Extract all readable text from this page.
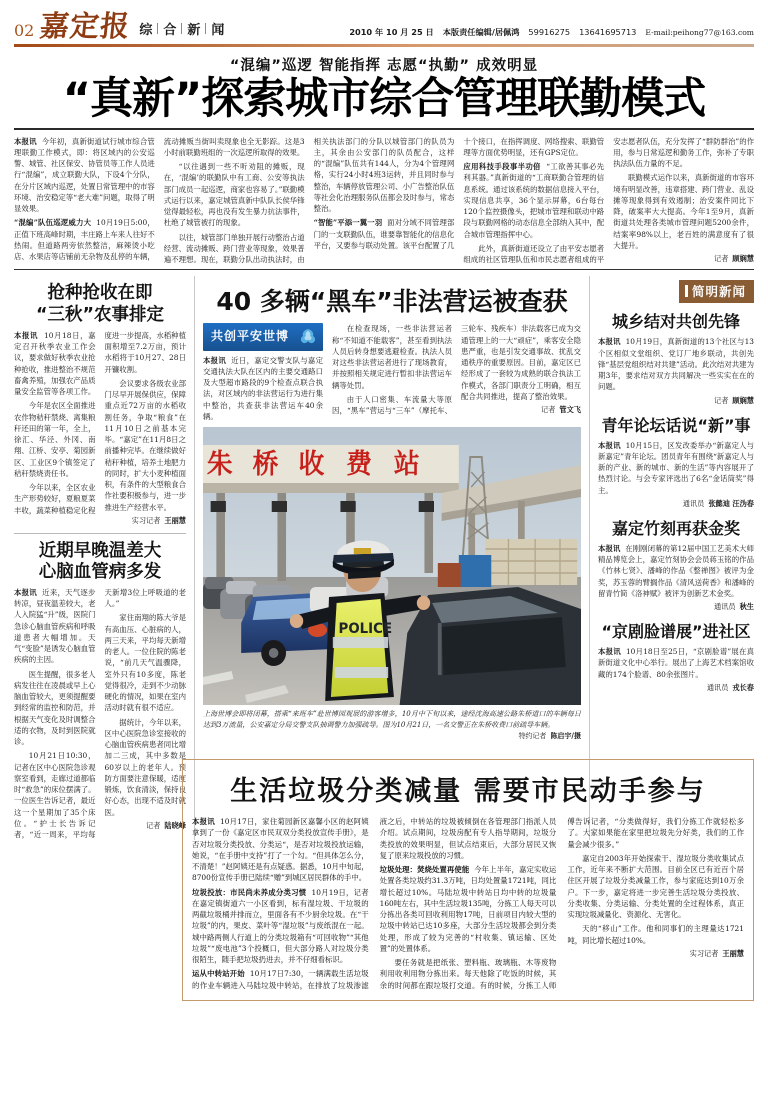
02 嘉定报 综 合 新 闻	2010 年 10 月 25 日 本版责任编辑/居佩鸿 59916275 13641695713 E-mail:peihong77@163.com
“混编”巡逻 智能指挥 志愿“执勤” 成效明显
“真新”探索城市综合管理联勤模式

本报讯 今年初，真新街道试行城市综合管理联勤工作模式，即：将区域内的公安巡警、城管、社区保安、协管员等工作人员进行“混编”，成立联勤大队，下设4个分队，在分片区域内巡逻，处置日常管理中的市容环境、治安稳定等“老大难”问题，取得了明显效果。

“混编”队伍巡逻威力大 10月19日5:00，正值下班高峰时期，丰庄路上车来人往好不热闹。但道路两旁依然整洁，麻辣烫小吃店、水果店等店铺前无杂物及乱停的车辆，流动摊贩当街叫卖现象也全无影踪。这是3小时前联勤班组的一次巡逻所取得的效果。

“以往遇到一些不听劝阻的摊贩，现在，‘混编’的联勤队中有工商、公安等执法部门成员一起巡逻，商家也容易了。”联勤模式运行以来，嘉定城管真新中队队长侯华锋觉得最轻松，再也没有发生暴力抗法事件，杜绝了城管被打的现象。

以往，城管部门单独开展行动整治占道经营、流动摊贩、跨门营业等现象，效果普遍不理想。现在，联勤分队出动执法时，由相关执法部门的分队以城管部门的队员为主，其余由公安部门的队员配合，这样的“混编”队伍共有144人，分为4个管理网格，实行24小时4班3运转，并且同时参与整治，车辆停放管理公司、小广告整治队伍等社会化治理服务队伍都会及时参与，常态整治。

“智能”平添一翼一羽 面对分域不同管理部门的一支联勤队伍，谁要靠智能化的信息化平台，又要参与联动处置。该平台配置了几十个接口，在指挥调度、网络搜索、联勤管理等方面优势明显，还有GPS定位。

应用科技手段事半功倍 “工欲善其事必先利其器。”真新街道的“工商联勤合管理的信息系统。通过该系统的数据信息接入平台，实现信息共享，36个显示屏幕，6台每台120个监控摄像头，把城市管理和联动中路段与联勤网格的动态信息全部纳入其中，配合城市管理指挥中心。

此外，真新街道还设立了由平安志愿者组成的社区管理队伍和市民志愿者组成的平安志愿者队伍，充分发挥了“群防群治”的作用，参与日常巡逻和勤务工作，弥补了专职执法队伍力量的不足。

联勤模式运作以来，真新街道的市容环境有明显改善，违章搭建、跨门营业、乱设摊等现象得到有效遏制；治安案件同比下降，破案率大大提高。今年1至9月，真新街道共处理各类城市管理问题5200余件，结案率98%以上，老百姓的满意度有了很大提升。

记者 顾娴慧
抢种抢收在即
“三秋”农事排定

本报讯 10月18日，嘉定召开秋季农业工作会议，要求做好秋季农业抢种抢收，推进整治不规范畜禽养殖，加强农产品质量安全监管等各项工作。

今年是农区全面推进农作物秸秆禁烧、离集粮秆还田的第一年，全上，徐汇、华泾、外冈、南翔、江桥、安亭、菊园新区、工业区9个镇签定了秸秆禁烧责任书。

今年以来，全区农业生产形势较好，夏粮夏菜丰收，蔬菜种植稳定化程度进一步提高，水稻种植面积增至7.2万亩，预计水稻将于10月27、28日开镰收割。

会议要求各级农业部门尽早开展保供应，保障重点近72万亩的水稻收割任务，争取“粮食”在11月10日之前基本完毕。“嘉定”在11月8日之前播种完毕。在继续做好秸秆种植，培养土地肥力的同时，扩大小麦种植面积，有条件的大型粮食合作社要积极参与，进一步推进生产经营水平。

实习记者 王丽慧
近期早晚温差大
心脑血管病多发

本报讯 近来，天气逐步转凉，昼夜温差较大，老人入院猛“升”级，医院门急诊心脑血管疾病和呼吸道患者大幅增加。天气“变脸”是诱发心脑血管疾病的主因。

医生提醒，很多老人病发往往在凌晨或早上心脑血管较大，更须提醒要到经常的监控和防范，并根据天气变化及时调整合适的衣物，及时到医院就诊。

10月21日10:30，记者在区中心医院急诊观察室看到，走廊过道都临时“救急”的床位摆满了。一位医生告诉记者，最近这一个星期加了35个床位。“护士长告诉记者，“近一周来，平均每天新增3位上呼吸道的老人。”

家住南翔的陈大爷是有高血压、心脏病的人，两三天来，平均每天新增的老人。一位住院的陈老说，“前几天气温骤降，室外只有10多度，陈老觉得很冷，走到不少动脉硬化的情况，如果在室内活动时就有很不适应。

据统计，今年以来，区中心医院急诊室接收的心脑血管疾病患者同比增加二三成，其中多数是60岁以上的老年人。预防方面要注意保暖，适度锻炼，饮食清淡，保持良好心态，出现不适及时就医。

记者 陆晓峰
40 多辆“黑车”非法营运被查获
共创平安世博

本报讯 近日，嘉定交警支队与嘉定交通执法大队在区内的主要交通路口及大型超市路段的9个检查点联合执法，对区域内的非法营运行为进行集中整治，共查获非法营运车40余辆。

在检查现场，一些非法营运者称“不知道不能载客”，甚至看到执法人员后转身想要逃避检查。执法人员对这些非法营运者进行了现场教育，并按照相关规定进行暂扣非法营运车辆等处罚。

由于人口密集、车流量大等原因，“黑车”营运与“三车”（摩托车、三轮车、残疾车）非法载客已成为交通管理上的一大“顽症”，乘客安全隐患严重，也是引发交通事故、扰乱交通秩序的重要原因。目前，嘉定区已经形成了一套较为成熟的联合执法工作模式，各部门职责分工明确，相互配合共同推进，提高了整治效果。

记者 管文飞
朱 桥 收 费 站
POLICE
上海世博会即将闭幕，搭乘“来班车”赴世博园观展的游客增多，10月中下旬以来，途经沈海高速公路朱桥道口的车辆每日达到3万流量，公安嘉定分局交警支队抽调警力加强疏导。图为10月21日，一名交警正在朱桥收费口前疏导车辆。
特约记者 陈启宇/摄
简明新闻
城乡结对共创先锋

本报讯 10月19日，真新街道的13个社区与13个区相似文堂组织、党订厂地乡联动，共创先锋“基层党组织结对共建”活动。此次结对共建为期3年，要求结对双方共同解决一些实实在在的问题。

记者 顾娴慧
青年论坛话说“新”事

本报讯 10月15日，区发改委举办“新嘉定人与新嘉定”青年论坛。团员青年有围绕“新嘉定人与新的产业、新的城市、新的生活”等内容展开了热烈讨论。与会专家评选出了6名“金话筒奖”得主。

通讯员 张懿迪 汪沩春
嘉定竹刻再获金奖

本报讯 在刚刚闭幕的第12届中国工艺美术大师精品博览会上，嘉定竹刻协会会员蒋玉铭的作品《竹林七贤》、潘峰的作品《整禅图》被评为金奖，苏玉蓉的臂搁作品《清风送荷香》和潘峰的留青竹简《洛神赋》被评为创新艺术金奖。

通讯员 秋生
“京剧脸谱展”进社区

本报讯 10月18日至25日，“京剧脸谱”展在真新街道文化中心举行。展出了上海艺术档案馆收藏的174个脸谱、80余张图片。

通讯员 戎长春
生活垃圾分类减量 需要市民动手参与

本报讯 10月17日，家住菊园新区嘉馨小区的赵阿姨拿到了一份《嘉定区市民双双分类投放宣传手册》，是否对垃圾分类投放、分类运“，是否对垃圾投放运输，她说，“在手册中支持”打了一个勾。“但具体怎么分，不清楚！”赵阿姨还是有点疑惑。据悉，10月中旬起，8700份宣传手册已陆续“赠”到城区居民群体的手中。

垃圾投放：市民尚未养成分类习惯 10月19日，记者在嘉定镇街道六一小区看到，标有湿垃圾、干垃圾的两截垃圾桶并排而立，里面各有不少厨余垃圾。在“干垃圾”的内，果皮、菜叶等“湿垃圾”与废纸混在一起。城中路两侧人行道上的分类垃圾箱有“可回收物”“其他垃圾”“废电池”3个投概口，但大部分路人对垃圾分类很陌生，随手把垃圾扔进去，并不仔细看标识。

运从中转站开始 10月17日7:30，一辆满载生活垃圾的作业车辆进入马陆垃圾中转站，在排放了垃圾渗滤液之后，中转站的垃圾被倾倒在各管理部门指派人员介绍。试点期间，垃圾房配有专人指导期间，垃圾分类投放的效果明显，但试点结束后，大部分居民又恢复了原来垃圾投放的习惯。

垃圾处理：焚烧处置再使能 今年上半年，嘉定实收运处置各类垃圾约31.3万吨，日均处置量1721吨，同比增长超过10%。马陆垃圾中转站日均中转的垃圾量160吨左右，其中生活垃圾135吨，分拣工人每天可以分拣出各类可回收利用物17吨，日前项目内较大型的垃圾中转站已达10多座，大部分生活垃圾都会到分类处理，形成了较为完善的“村收集、镇运输、区处置”的处置体系。

要任务就是把纸张、塑料瓶、玻璃瓶、木等废物利用收利用物分拣出来。每天他除了吃饭的时候，其余的时间都在跟垃圾打交道。有的时候，分拣工人师傅告诉记者，“分类做得好，我们分拣工作就轻松多了。大家如果能在家里把垃圾先分好类，我们的工作量会减少很多。”

嘉定自2003年开始探索干、湿垃圾分类收集试点工作，近年来不断扩大范围。目前全区已有近百个居住区开展了垃圾分类减量工作，参与家庭达到10万余户。下一步，嘉定将进一步完善生活垃圾分类投放、分类收集、分类运输、分类处置的全过程体系，真正实现垃圾减量化、资源化、无害化。

天的“移山”工作。他和同事们的主理量达1721吨，同比增长超过10%。

实习记者 王丽慧
